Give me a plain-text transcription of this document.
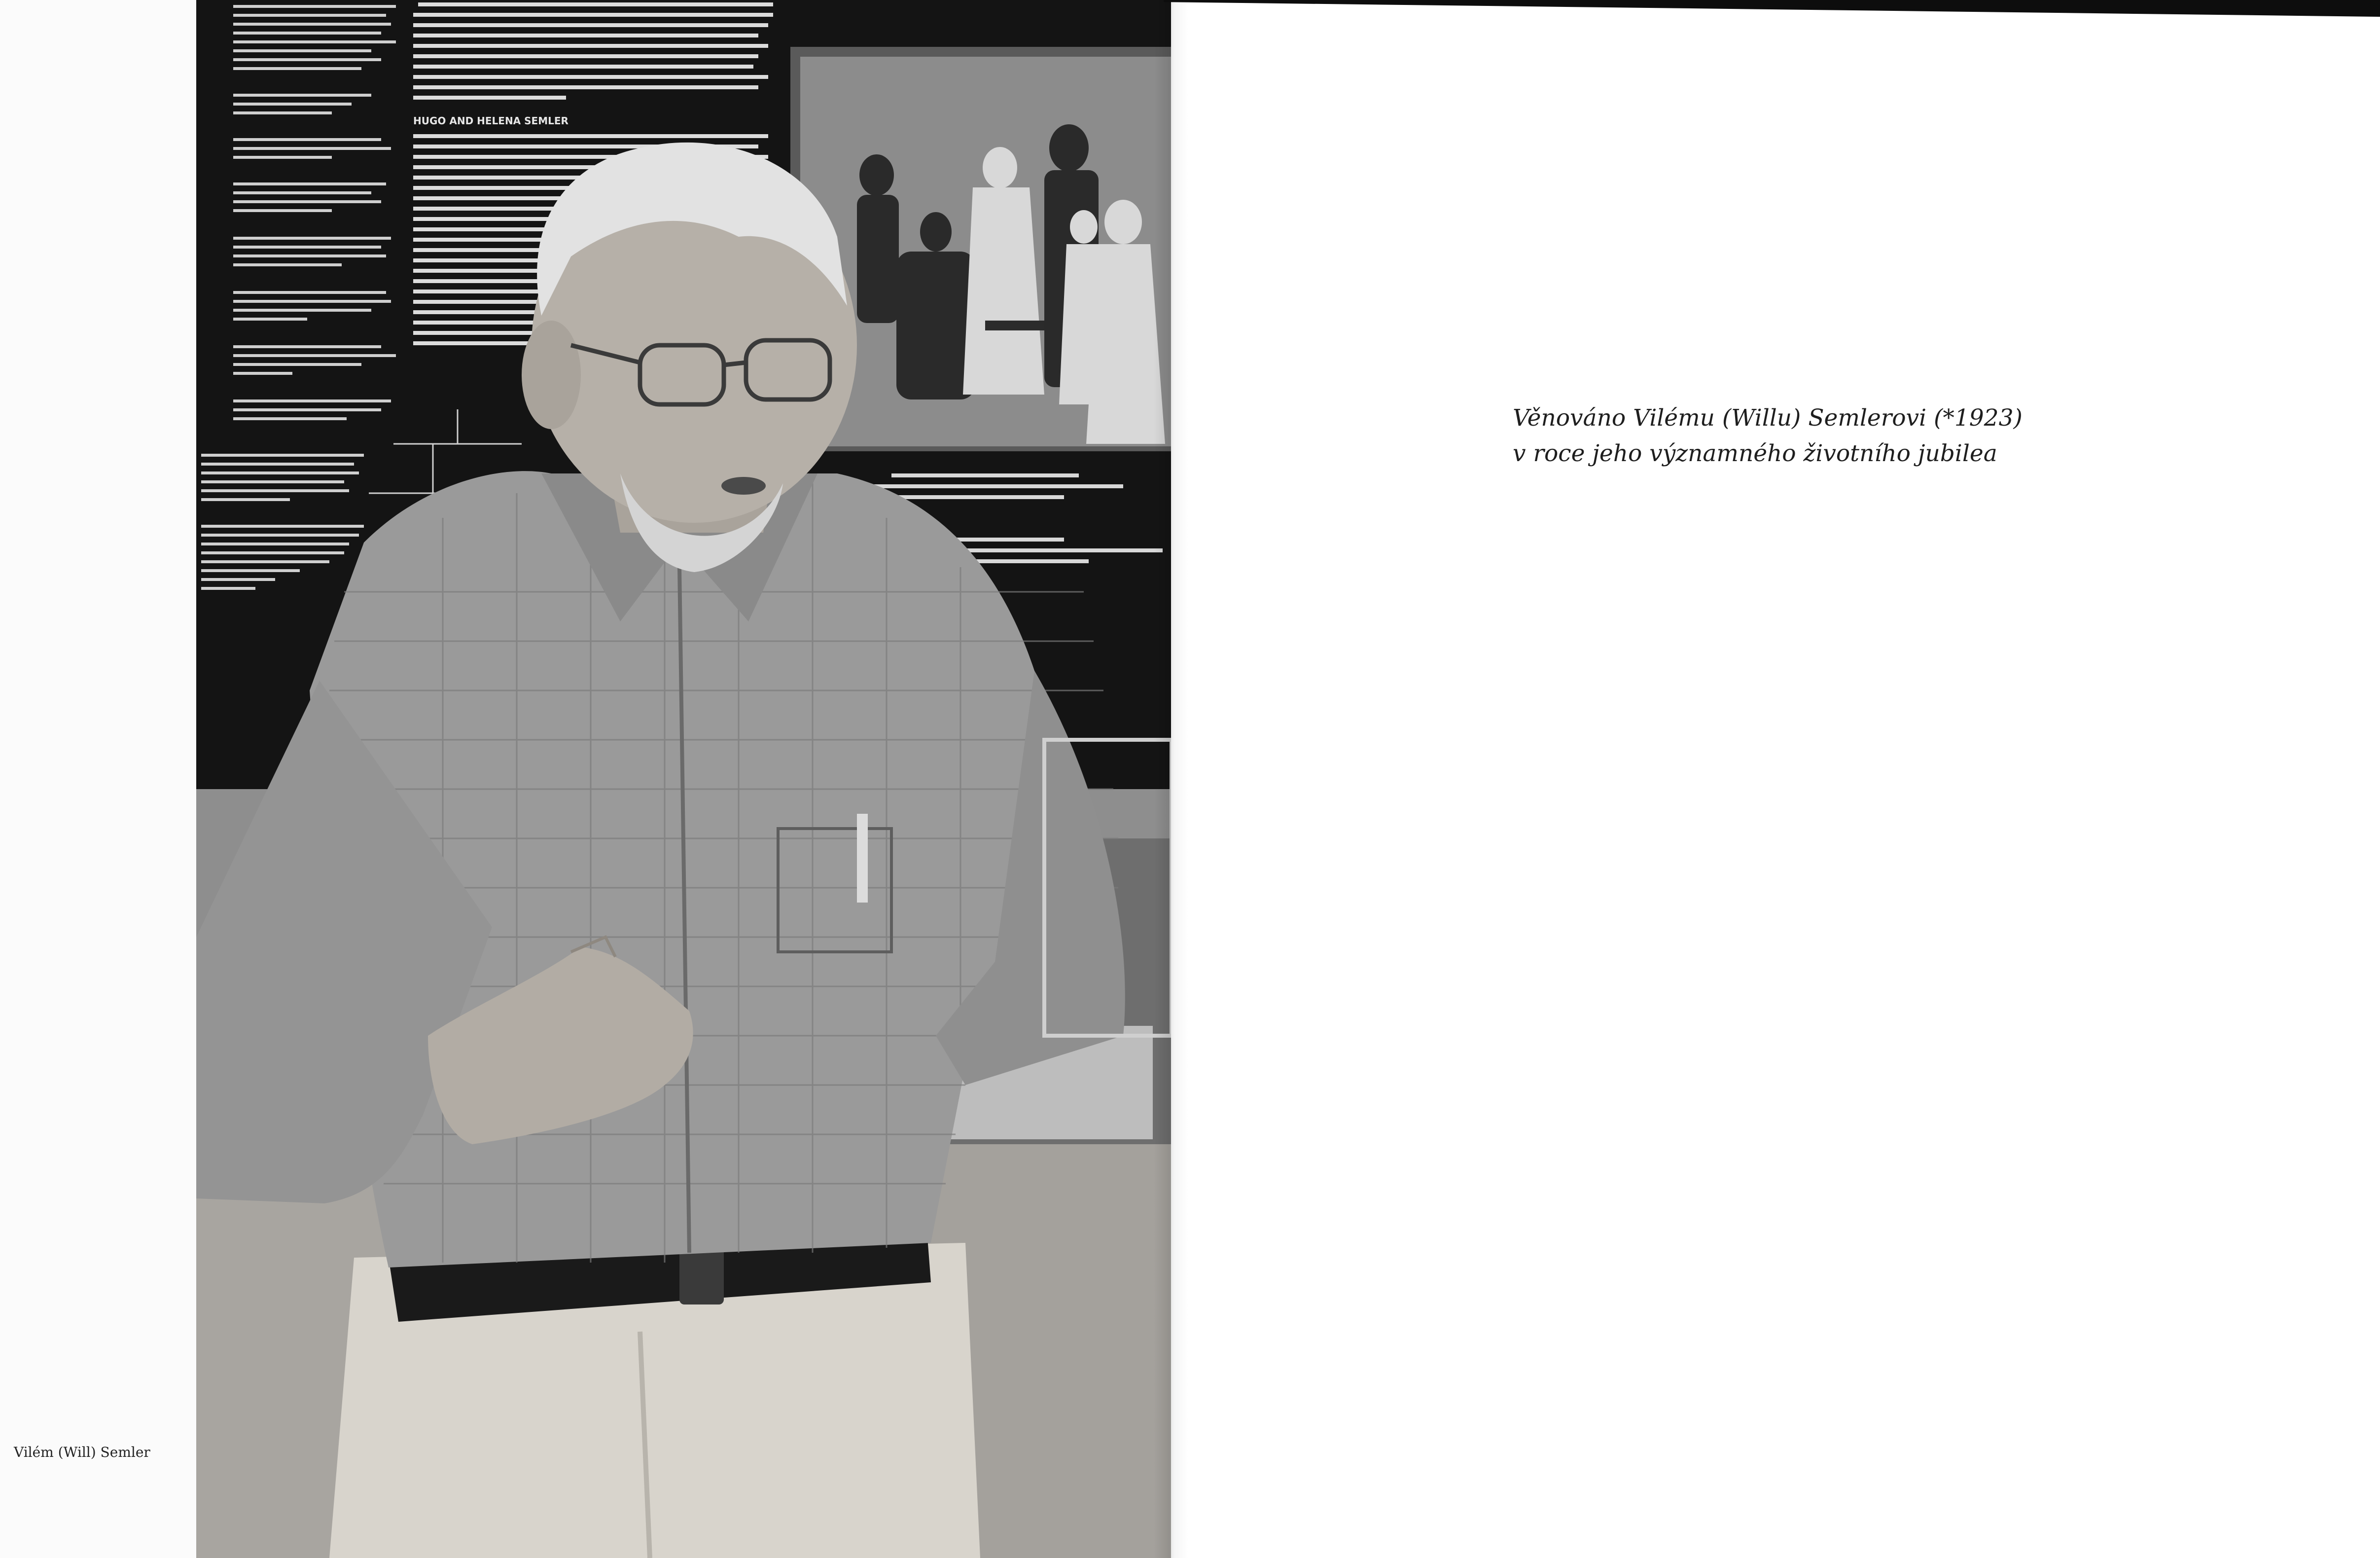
HUGO AND HELENA SEMLER
Vilém (Will) Semler
Věnováno Vilému (Willu) Semlerovi (*1923)
v roce jeho významného životního jubilea
